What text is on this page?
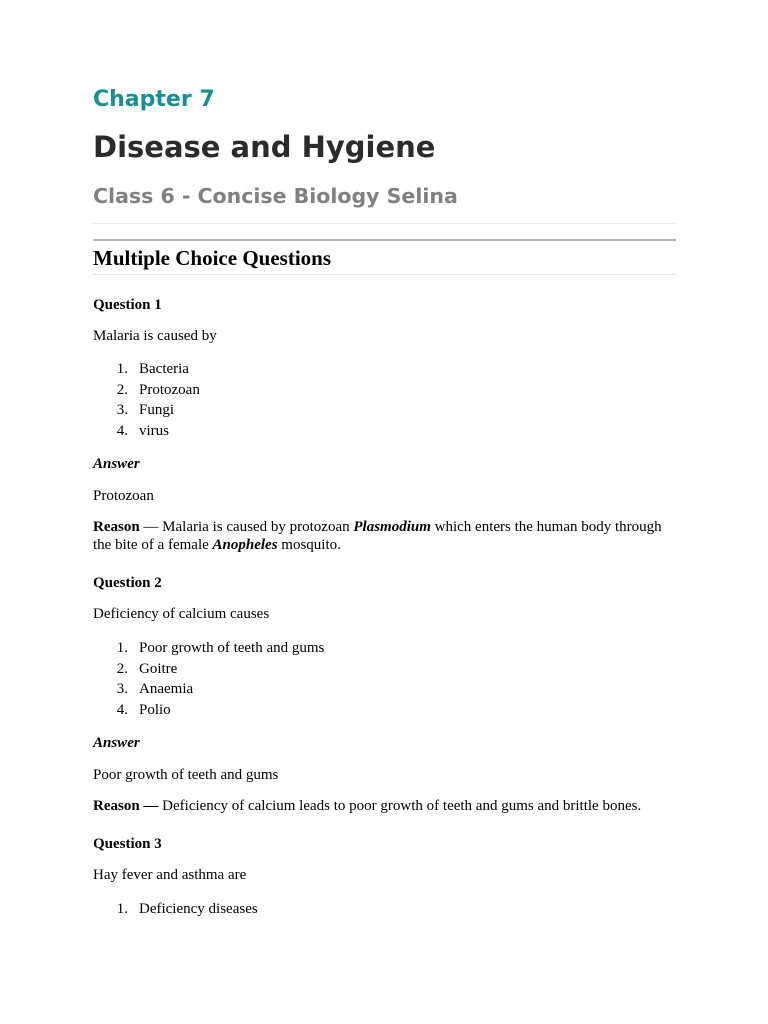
Chapter 7
Disease and Hygiene
Class 6 - Concise Biology Selina
Multiple Choice Questions

Question 1

Malaria is caused by

1. Bacteria
2. Protozoan
3. Fungi
4. virus

Answer

Protozoan

Reason — Malaria is caused by protozoan Plasmodium which enters the human body through the bite of a female Anopheles mosquito.

Question 2

Deficiency of calcium causes

1. Poor growth of teeth and gums
2. Goitre
3. Anaemia
4. Polio

Answer

Poor growth of teeth and gums

Reason — Deficiency of calcium leads to poor growth of teeth and gums and brittle bones.

Question 3

Hay fever and asthma are

1. Deficiency diseases
